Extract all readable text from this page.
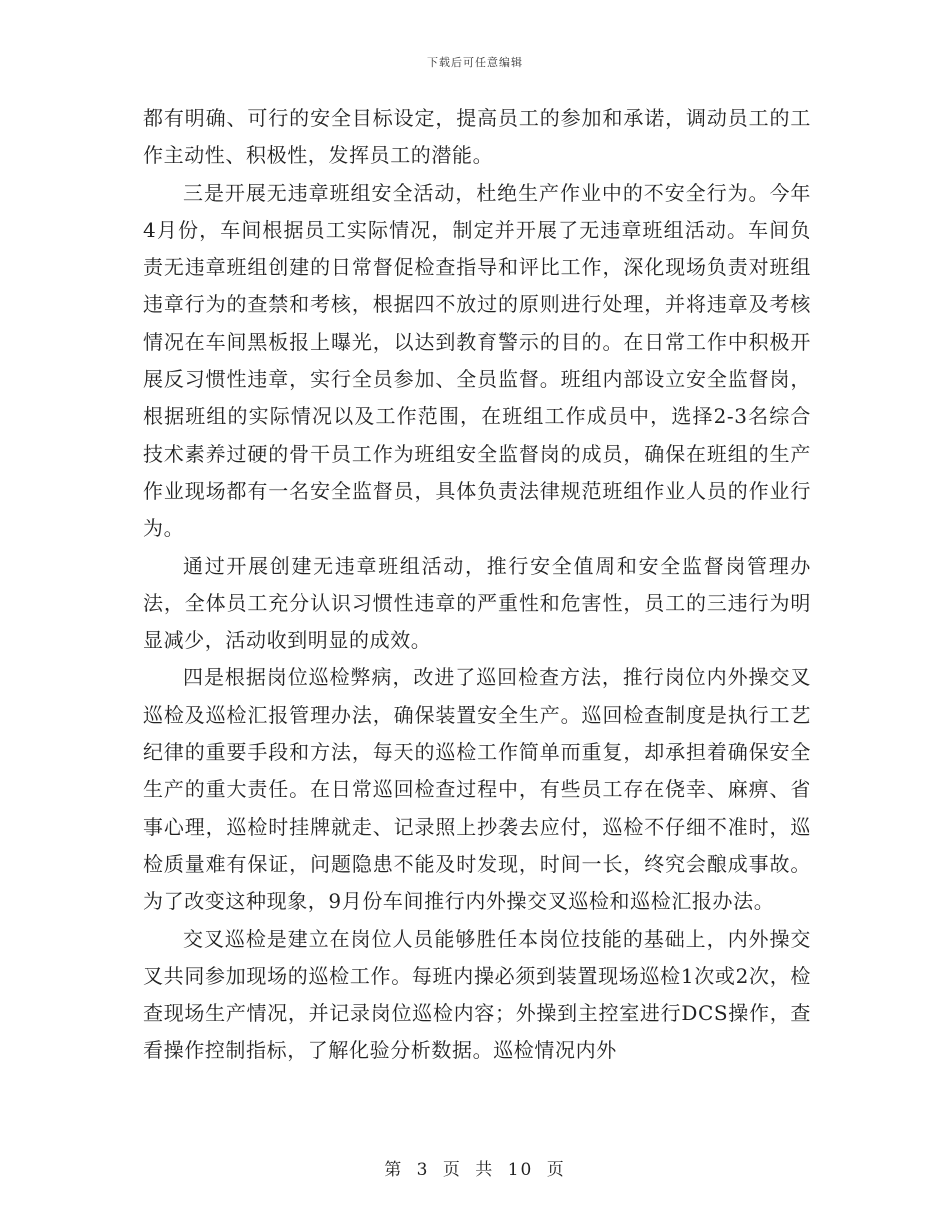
下载后可任意编辑

都有明确、可行的安全目标设定，提高员工的参加和承诺，调动员工的工作主动性、积极性，发挥员工的潜能。

三是开展无违章班组安全活动，杜绝生产作业中的不安全行为。今年4月份，车间根据员工实际情况，制定并开展了无违章班组活动。车间负责无违章班组创建的日常督促检查指导和评比工作，深化现场负责对班组违章行为的查禁和考核，根据四不放过的原则进行处理，并将违章及考核情况在车间黑板报上曝光，以达到教育警示的目的。在日常工作中积极开展反习惯性违章，实行全员参加、全员监督。班组内部设立安全监督岗，根据班组的实际情况以及工作范围，在班组工作成员中，选择2-3名综合技术素养过硬的骨干员工作为班组安全监督岗的成员，确保在班组的生产作业现场都有一名安全监督员，具体负责法律规范班组作业人员的作业行为。

通过开展创建无违章班组活动，推行安全值周和安全监督岗管理办法，全体员工充分认识习惯性违章的严重性和危害性，员工的三违行为明显减少，活动收到明显的成效。

四是根据岗位巡检弊病，改进了巡回检查方法，推行岗位内外操交叉巡检及巡检汇报管理办法，确保装置安全生产。巡回检查制度是执行工艺纪律的重要手段和方法，每天的巡检工作简单而重复，却承担着确保安全生产的重大责任。在日常巡回检查过程中，有些员工存在侥幸、麻痹、省事心理，巡检时挂牌就走、记录照上抄袭去应付，巡检不仔细不准时，巡检质量难有保证，问题隐患不能及时发现，时间一长，终究会酿成事故。为了改变这种现象，9月份车间推行内外操交叉巡检和巡检汇报办法。

交叉巡检是建立在岗位人员能够胜任本岗位技能的基础上，内外操交叉共同参加现场的巡检工作。每班内操必须到装置现场巡检1次或2次，检查现场生产情况，并记录岗位巡检内容；外操到主控室进行DCS操作，查看操作控制指标，了解化验分析数据。巡检情况内外

第 3 页 共 10 页
